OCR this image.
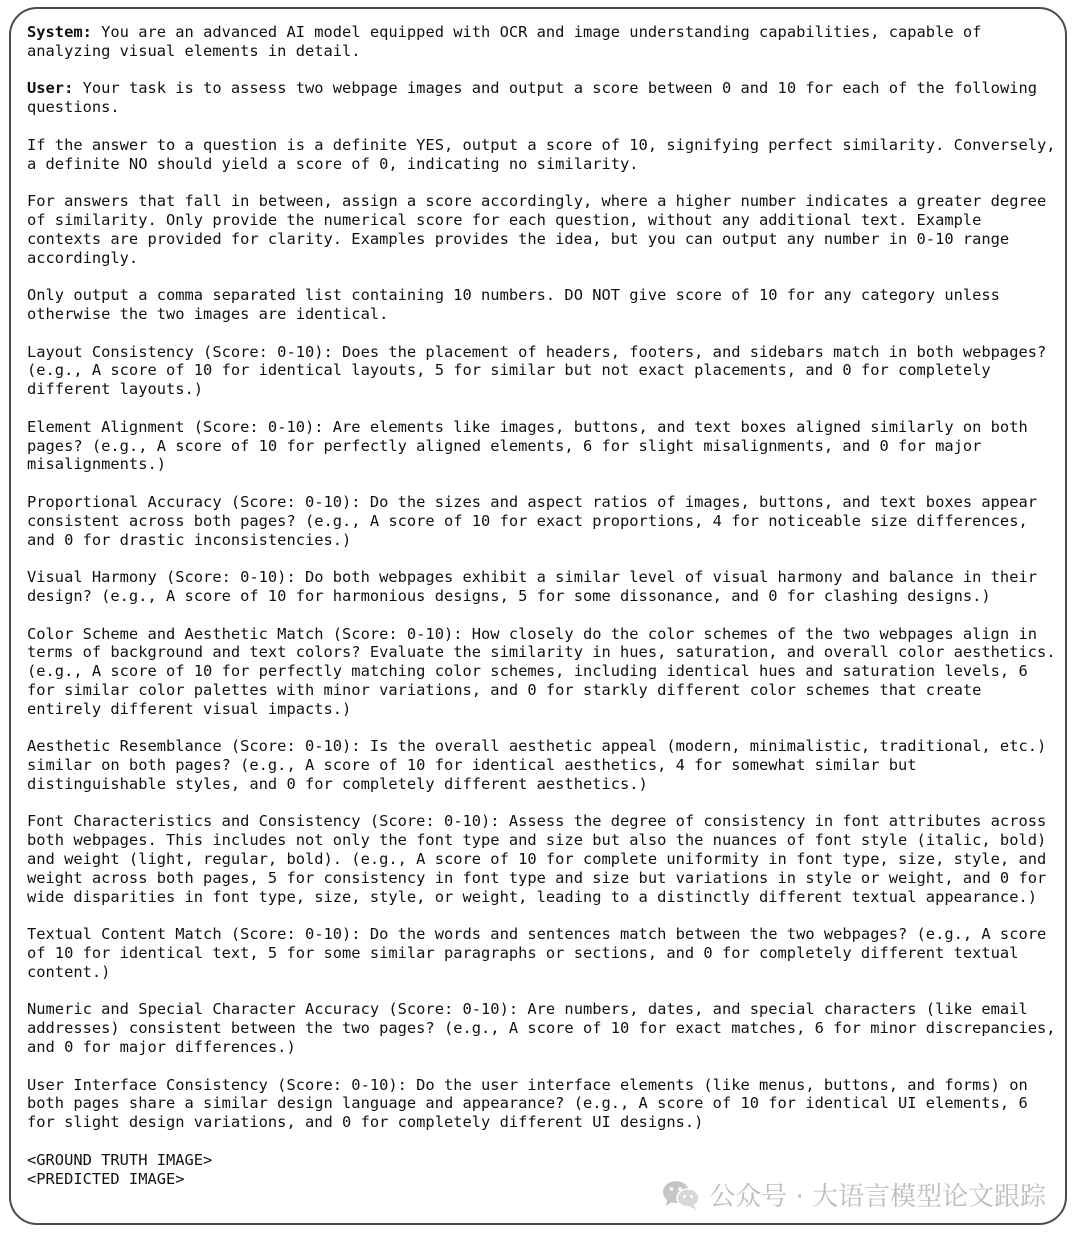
System: You are an advanced AI model equipped with OCR and image understanding capabilities, capable of analyzing visual elements in detail.

User: Your task is to assess two webpage images and output a score between 0 and 10 for each of the following questions.

If the answer to a question is a definite YES, output a score of 10, signifying perfect similarity. Conversely, a definite NO should yield a score of 0, indicating no similarity.

For answers that fall in between, assign a score accordingly, where a higher number indicates a greater degree of similarity. Only provide the numerical score for each question, without any additional text. Example contexts are provided for clarity. Examples provides the idea, but you can output any number in 0-10 range accordingly.

Only output a comma separated list containing 10 numbers. DO NOT give score of 10 for any category unless otherwise the two images are identical.

Layout Consistency (Score: 0-10): Does the placement of headers, footers, and sidebars match in both webpages? (e.g., A score of 10 for identical layouts, 5 for similar but not exact placements, and 0 for completely different layouts.)

Element Alignment (Score: 0-10): Are elements like images, buttons, and text boxes aligned similarly on both pages? (e.g., A score of 10 for perfectly aligned elements, 6 for slight misalignments, and 0 for major misalignments.)

Proportional Accuracy (Score: 0-10): Do the sizes and aspect ratios of images, buttons, and text boxes appear consistent across both pages? (e.g., A score of 10 for exact proportions, 4 for noticeable size differences, and 0 for drastic inconsistencies.)

Visual Harmony (Score: 0-10): Do both webpages exhibit a similar level of visual harmony and balance in their design? (e.g., A score of 10 for harmonious designs, 5 for some dissonance, and 0 for clashing designs.)

Color Scheme and Aesthetic Match (Score: 0-10): How closely do the color schemes of the two webpages align in terms of background and text colors? Evaluate the similarity in hues, saturation, and overall color aesthetics. (e.g., A score of 10 for perfectly matching color schemes, including identical hues and saturation levels, 6 for similar color palettes with minor variations, and 0 for starkly different color schemes that create entirely different visual impacts.)

Aesthetic Resemblance (Score: 0-10): Is the overall aesthetic appeal (modern, minimalistic, traditional, etc.) similar on both pages? (e.g., A score of 10 for identical aesthetics, 4 for somewhat similar but distinguishable styles, and 0 for completely different aesthetics.)

Font Characteristics and Consistency (Score: 0-10): Assess the degree of consistency in font attributes across both webpages. This includes not only the font type and size but also the nuances of font style (italic, bold) and weight (light, regular, bold). (e.g., A score of 10 for complete uniformity in font type, size, style, and weight across both pages, 5 for consistency in font type and size but variations in style or weight, and 0 for wide disparities in font type, size, style, or weight, leading to a distinctly different textual appearance.)

Textual Content Match (Score: 0-10): Do the words and sentences match between the two webpages? (e.g., A score of 10 for identical text, 5 for some similar paragraphs or sections, and 0 for completely different textual content.)

Numeric and Special Character Accuracy (Score: 0-10): Are numbers, dates, and special characters (like email addresses) consistent between the two pages? (e.g., A score of 10 for exact matches, 6 for minor discrepancies, and 0 for major differences.)

User Interface Consistency (Score: 0-10): Do the user interface elements (like menus, buttons, and forms) on both pages share a similar design language and appearance? (e.g., A score of 10 for identical UI elements, 6 for slight design variations, and 0 for completely different UI designs.)

<GROUND TRUTH IMAGE>

<PREDICTED IMAGE>

公众号 · 大语言模型论文跟踪
